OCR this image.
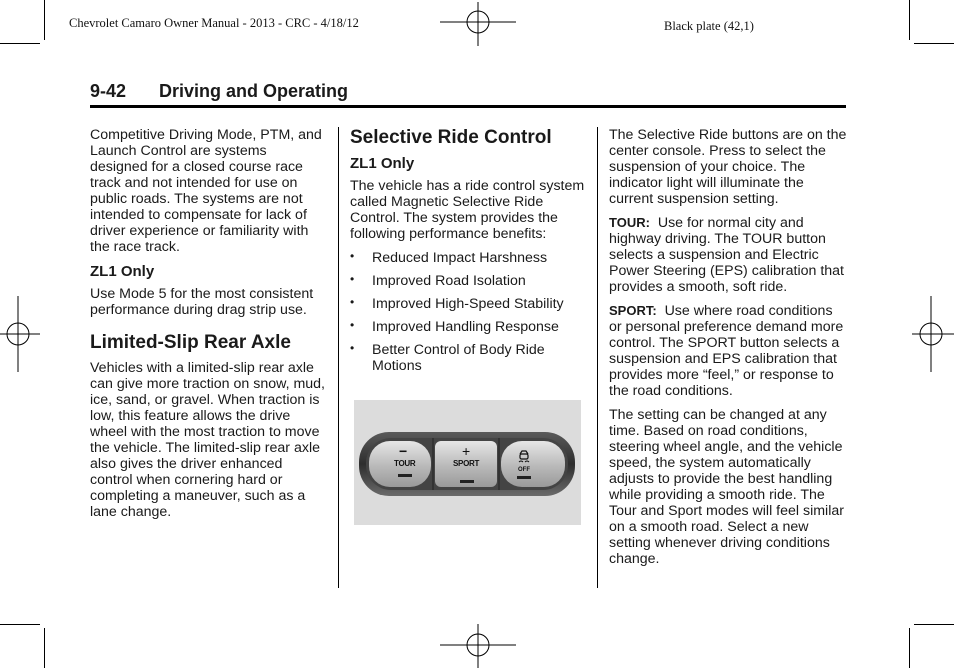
Chevrolet Camaro Owner Manual - 2013 - CRC - 4/18/12	Black plate (42,1)
9-42 Driving and Operating

Competitive Driving Mode, PTM, and Launch Control are systems designed for a closed course race track and not intended for use on public roads. The systems are not intended to compensate for lack of driver experience or familiarity with the race track.

ZL1 Only

Use Mode 5 for the most consistent performance during drag strip use.

Limited-Slip Rear Axle

Vehicles with a limited-slip rear axle can give more traction on snow, mud, ice, sand, or gravel. When traction is low, this feature allows the drive wheel with the most traction to move the vehicle. The limited-slip rear axle also gives the driver enhanced control when cornering hard or completing a maneuver, such as a lane change.

Selective Ride Control
ZL1 Only

The vehicle has a ride control system called Magnetic Selective Ride Control. The system provides the following performance benefits:

• Reduced Impact Harshness
• Improved Road Isolation
• Improved High-Speed Stability
• Improved Handling Response
• Better Control of Body Ride Motions
−
TOUR
+
SPORT
OFF

The Selective Ride buttons are on the center console. Press to select the suspension of your choice. The indicator light will illuminate the current suspension setting.

TOUR: Use for normal city and highway driving. The TOUR button selects a suspension and Electric Power Steering (EPS) calibration that provides a smooth, soft ride.

SPORT: Use where road conditions or personal preference demand more control. The SPORT button selects a suspension and EPS calibration that provides more “feel,” or response to the road conditions.

The setting can be changed at any time. Based on road conditions, steering wheel angle, and the vehicle speed, the system automatically adjusts to provide the best handling while providing a smooth ride. The Tour and Sport modes will feel similar on a smooth road. Select a new setting whenever driving conditions change.
